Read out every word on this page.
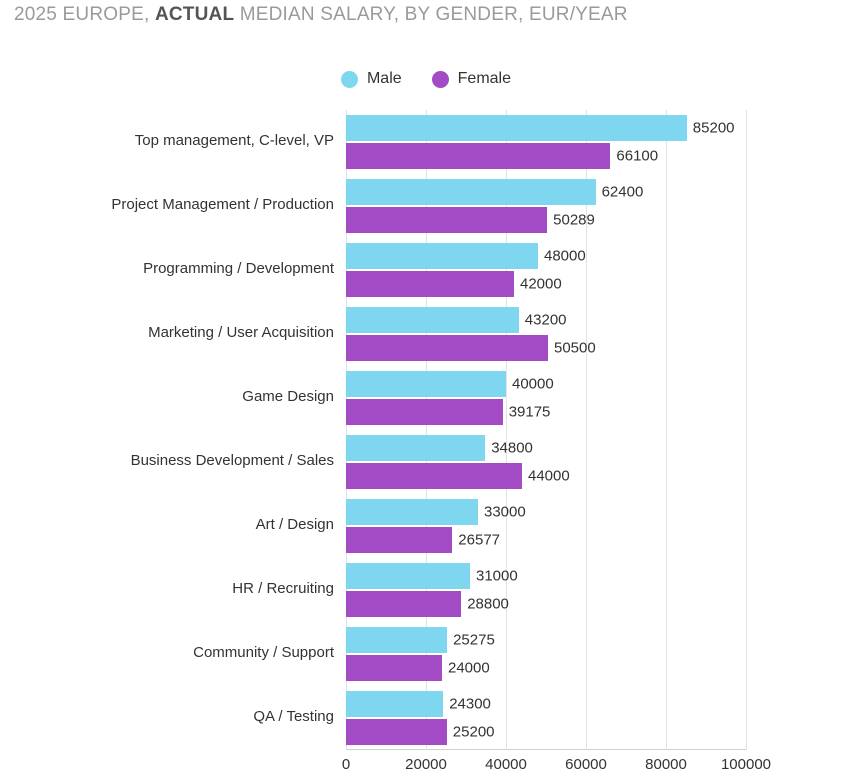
2025 EUROPE, ACTUAL MEDIAN SALARY, BY GENDER, EUR/YEAR
Male	Female
0	20000	40000	60000	80000 100000
Top management, C-level, VP
85200
66100
Project Management / Production
62400
50289
Programming / Development
48000
42000
Marketing / User Acquisition
43200
50500
Game Design
40000
39175
Business Development / Sales
34800
44000
Art / Design
33000
26577
HR / Recruiting
31000
28800
Community / Support
25275
24000
QA / Testing
24300
25200
